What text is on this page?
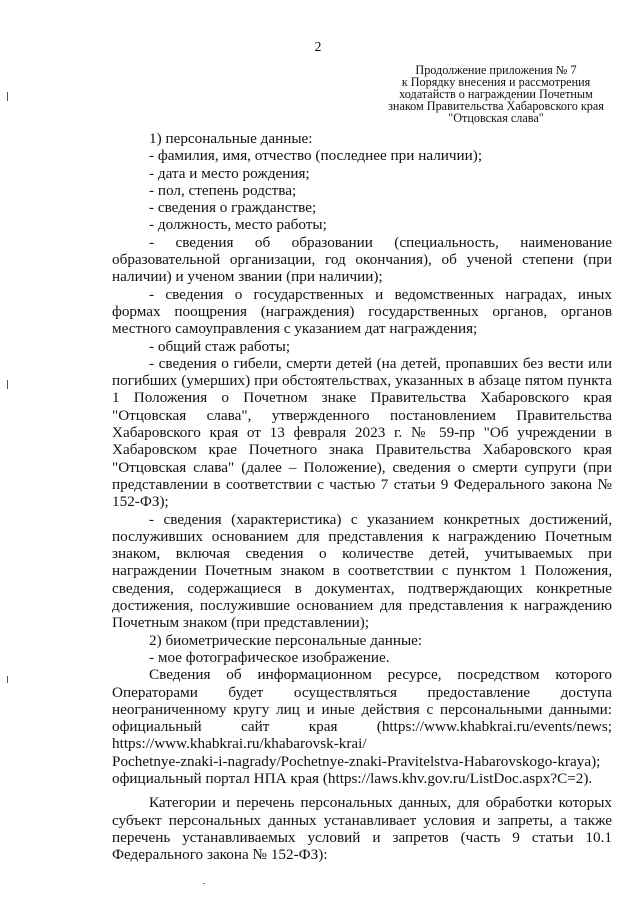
2
Продолжение приложения № 7
к Порядку внесения и рассмотрения
ходатайств о награждении Почетным
знаком Правительства Хабаровского края
"Отцовская слава"

1) персональные данные:

- фамилия, имя, отчество (последнее при наличии);

- дата и место рождения;

- пол, степень родства;

- сведения о гражданстве;

- должность, место работы;

- сведения об образовании (специальность, наименование образовательной организации, год окончания), об ученой степени (при наличии) и ученом звании (при наличии);

- сведения о государственных и ведомственных наградах, иных формах поощрения (награждения) государственных органов, органов местного самоуправления с указанием дат награждения;

- общий стаж работы;

- сведения о гибели, смерти детей (на детей, пропавших без вести или погибших (умерших) при обстоятельствах, указанных в абзаце пятом пункта 1 Положения о Почетном знаке Правительства Хабаровского края "Отцовская слава", утвержденного постановлением Правительства Хабаровского края от 13 февраля 2023 г. № 59-пр "Об учреждении в Хабаровском крае Почетного знака Правительства Хабаровского края "Отцовская слава" (далее – Положение), сведения о смерти супруги (при представлении в соответствии с частью 7 статьи 9 Федерального закона № 152-ФЗ);

- сведения (характеристика) с указанием конкретных достижений, послуживших основанием для представления к награждению Почетным знаком, включая сведения о количестве детей, учитываемых при награждении Почетным знаком в соответствии с пунктом 1 Положения, сведения, содержащиеся в документах, подтверждающих конкретные достижения, послужившие основанием для представления к награждению Почетным знаком (при представлении);

2) биометрические персональные данные:

- мое фотографическое изображение.

Сведения об информационном ресурсе, посредством которого Операторами будет осуществляться предоставление доступа неограниченному кругу лиц и иные действия с персональными данными: официальный сайт края (https://www.khabkrai.ru/events/news; https://www.khabkrai.ru/khabarovsk-krai/

Pochetnye-znaki-i-nagrady/Pochetnye-znaki-Pravitelstva-Habarovskogo-kraya);

официальный портал НПА края (https://laws.khv.gov.ru/ListDoc.aspx?C=2).

Категории и перечень персональных данных, для обработки которых субъект персональных данных устанавливает условия и запреты, а также перечень устанавливаемых условий и запретов (часть 9 статьи 10.1 Федерального закона № 152-ФЗ):
